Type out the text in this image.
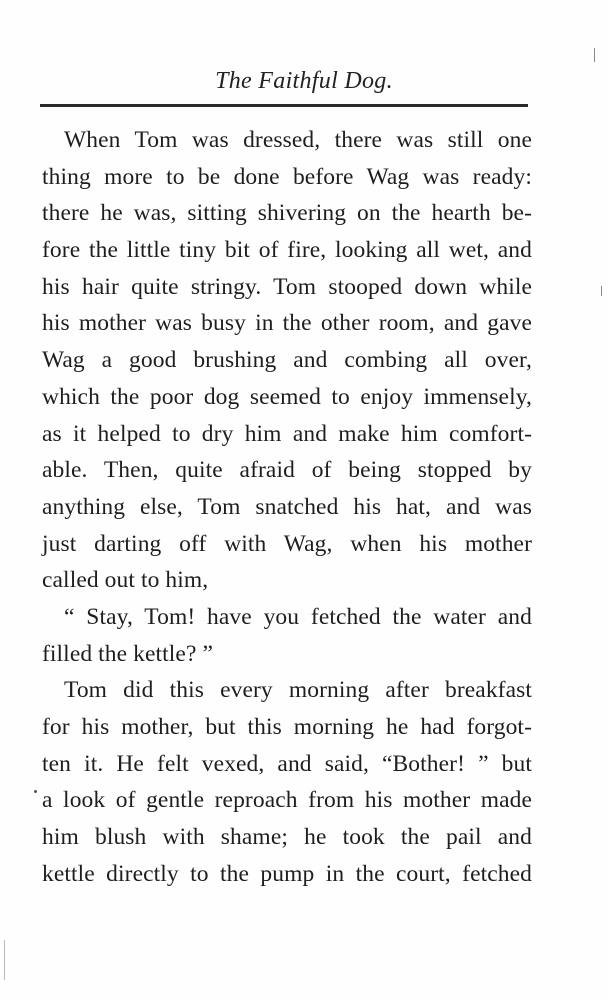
The Faithful Dog.
When Tom was dressed, there was still one
thing more to be done before Wag was ready:
there he was, sitting shivering on the hearth be-
fore the little tiny bit of fire, looking all wet, and
his hair quite stringy. Tom stooped down while
his mother was busy in the other room, and gave
Wag a good brushing and combing all over,
which the poor dog seemed to enjoy immensely,
as it helped to dry him and make him comfort-
able. Then, quite afraid of being stopped by
anything else, Tom snatched his hat, and was
just darting off with Wag, when his mother
called out to him,
“ Stay, Tom! have you fetched the water and
filled the kettle? ”
Tom did this every morning after breakfast
for his mother, but this morning he had forgot-
ten it. He felt vexed, and said, “Bother! ” but
a look of gentle reproach from his mother made
him blush with shame; he took the pail and
kettle directly to the pump in the court, fetched
